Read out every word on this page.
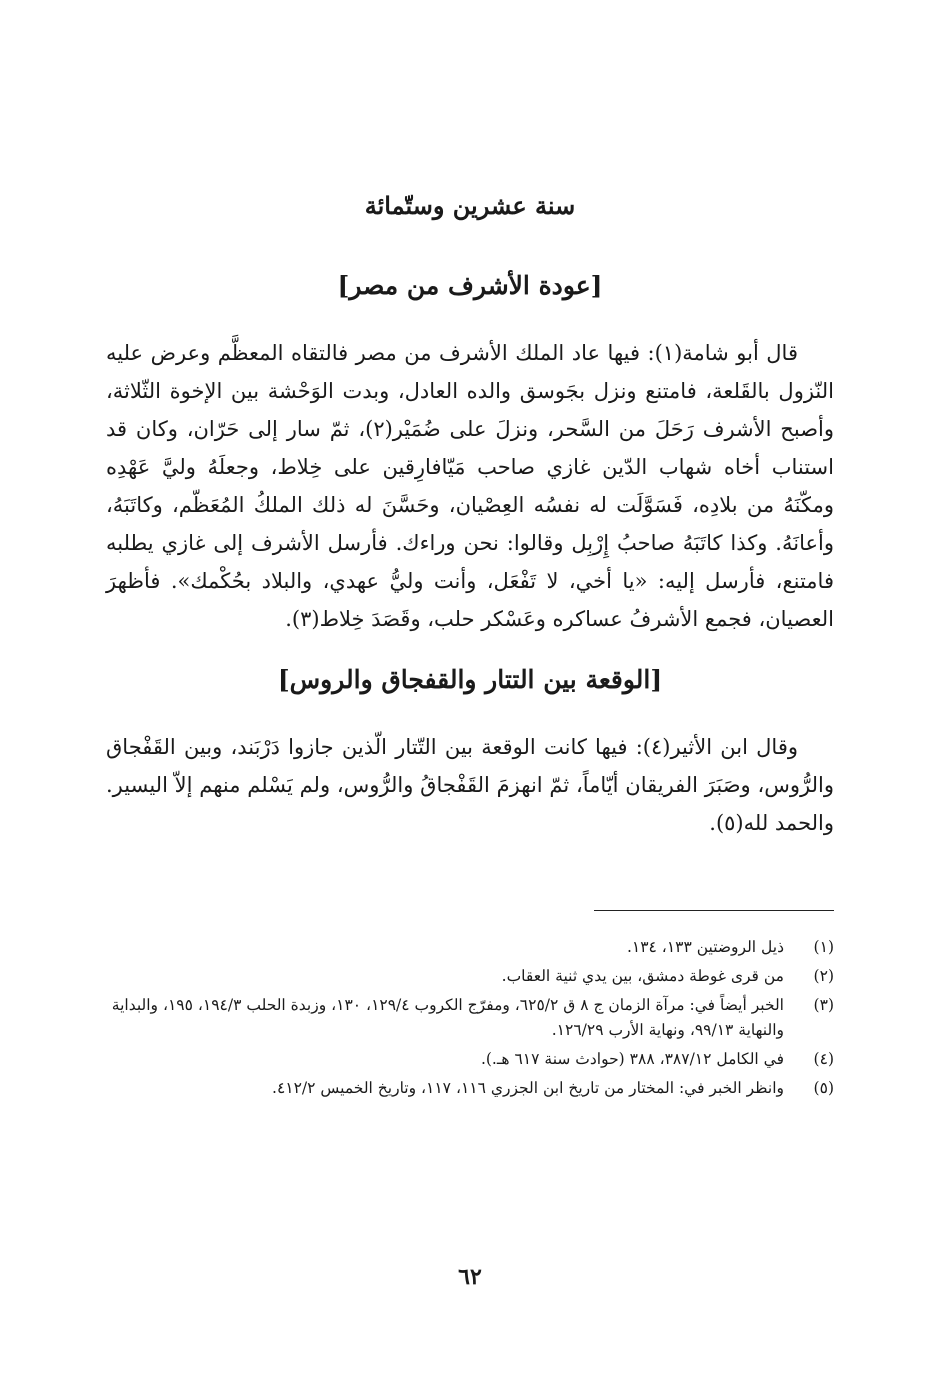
سنة عشرين وستّمائة
[عودة الأشرف من مصر]

قال أبو شامة(١): فيها عاد الملك الأشرف من مصر فالتقاه المعظَّم وعرض عليه النّزول بالقَلعة، فامتنع ونزل بجَوسق والده العادل، وبدت الوَحْشة بين الإخوة الثّلاثة، وأصبح الأشرف رَحَلَ من السَّحر، ونزلَ على ضُمَيْر(٢)، ثمّ سار إلى حَرّان، وكان قد استناب أخاه شهاب الدّين غازي صاحب مَيّافارِقين على خِلاط، وجعلَهُ وليَّ عَهْدِه ومكّنَهُ من بلادِه، فَسَوَّلَت له نفسُه العِصْيان، وحَسَّنَ له ذلك الملكُ المُعَظّم، وكاتَبَهُ، وأعانَهُ. وكذا كاتَبَهُ صاحبُ إِرْبِل وقالوا: نحن وراءك. فأرسل الأشرف إلى غازي يطلبه فامتنع، فأرسل إليه: «يا أخي، لا تَفْعَل، وأنت وليُّ عهدي، والبلاد بحُكْمك». فأظهرَ العصيان، فجمع الأشرفُ عساكره وعَسْكر حلب، وقَصَدَ خِلاط(٣).

[الوقعة بين التتار والقفجاق والروس]

وقال ابن الأثير(٤): فيها كانت الوقعة بين التّتار الّذين جازوا دَرْبَند، وبين القَفْجاق والرُّوس، وصَبَرَ الفريقان أيّاماً، ثمّ انهزمَ القَفْجاقُ والرُّوس، ولم يَسْلم منهم إلاّ اليسير. والحمد لله(٥).

(١)
ذيل الروضتين ١٣٣، ١٣٤.
(٢)
من قرى غوطة دمشق، بين يدي ثنية العقاب.
(٣)
الخبر أيضاً في: مرآة الزمان ج ٨ ق ٦٢٥/٢، ومفرّج الكروب ١٢٩/٤، ١٣٠، وزبدة الحلب ١٩٤/٣، ١٩٥، والبداية والنهاية ٩٩/١٣، ونهاية الأرب ١٢٦/٢٩.
(٤)
في الكامل ٣٨٧/١٢، ٣٨٨ (حوادث سنة ٦١٧ هـ.).
(٥)
وانظر الخبر في: المختار من تاريخ ابن الجزري ١١٦، ١١٧، وتاريخ الخميس ٤١٢/٢.
٦٢
